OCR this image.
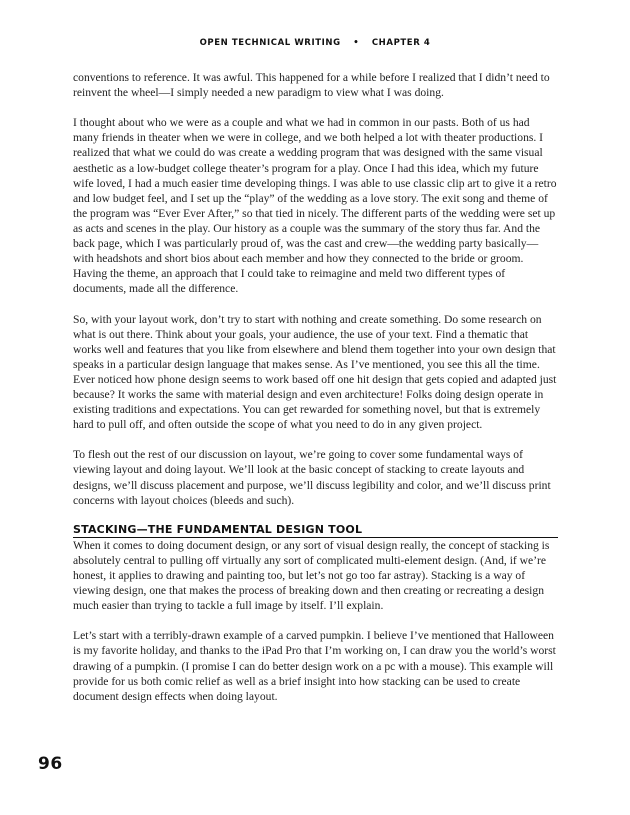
OPEN TECHNICAL WRITING • CHAPTER 4

conventions to reference. It was awful. This happened for a while before I realized that I didn’t need to reinvent the wheel—I simply needed a new paradigm to view what I was doing.

I thought about who we were as a couple and what we had in common in our pasts. Both of us had many friends in theater when we were in college, and we both helped a lot with theater productions. I realized that what we could do was create a wedding program that was designed with the same visual aesthetic as a low-budget college theater’s program for a play. Once I had this idea, which my future wife loved, I had a much easier time developing things. I was able to use classic clip art to give it a retro and low budget feel, and I set up the “play” of the wedding as a love story. The exit song and theme of the program was “Ever Ever After,” so that tied in nicely. The different parts of the wedding were set up as acts and scenes in the play. Our history as a couple was the summary of the story thus far. And the back page, which I was particularly proud of, was the cast and crew—the wedding party basically—with headshots and short bios about each member and how they connected to the bride or groom. Having the theme, an approach that I could take to reimagine and meld two different types of documents, made all the difference.

So, with your layout work, don’t try to start with nothing and create something. Do some research on what is out there. Think about your goals, your audience, the use of your text. Find a thematic that works well and features that you like from elsewhere and blend them together into your own design that speaks in a particular design language that makes sense. As I’ve mentioned, you see this all the time. Ever noticed how phone design seems to work based off one hit design that gets copied and adapted just because? It works the same with material design and even architecture! Folks doing design operate in existing traditions and expectations. You can get rewarded for something novel, but that is extremely hard to pull off, and often outside the scope of what you need to do in any given project.

To flesh out the rest of our discussion on layout, we’re going to cover some fundamental ways of viewing layout and doing layout. We’ll look at the basic concept of stacking to create layouts and designs, we’ll discuss placement and purpose, we’ll discuss legibility and color, and we’ll discuss print concerns with layout choices (bleeds and such).

STACKING—THE FUNDAMENTAL DESIGN TOOL

When it comes to doing document design, or any sort of visual design really, the concept of stacking is absolutely central to pulling off virtually any sort of complicated multi-element design. (And, if we’re honest, it applies to drawing and painting too, but let’s not go too far astray). Stacking is a way of viewing design, one that makes the process of breaking down and then creating or recreating a design much easier than trying to tackle a full image by itself. I’ll explain.

Let’s start with a terribly-drawn example of a carved pumpkin. I believe I’ve mentioned that Halloween is my favorite holiday, and thanks to the iPad Pro that I’m working on, I can draw you the world’s worst drawing of a pumpkin. (I promise I can do better design work on a pc with a mouse). This example will provide for us both comic relief as well as a brief insight into how stacking can be used to create document design effects when doing layout.

96
